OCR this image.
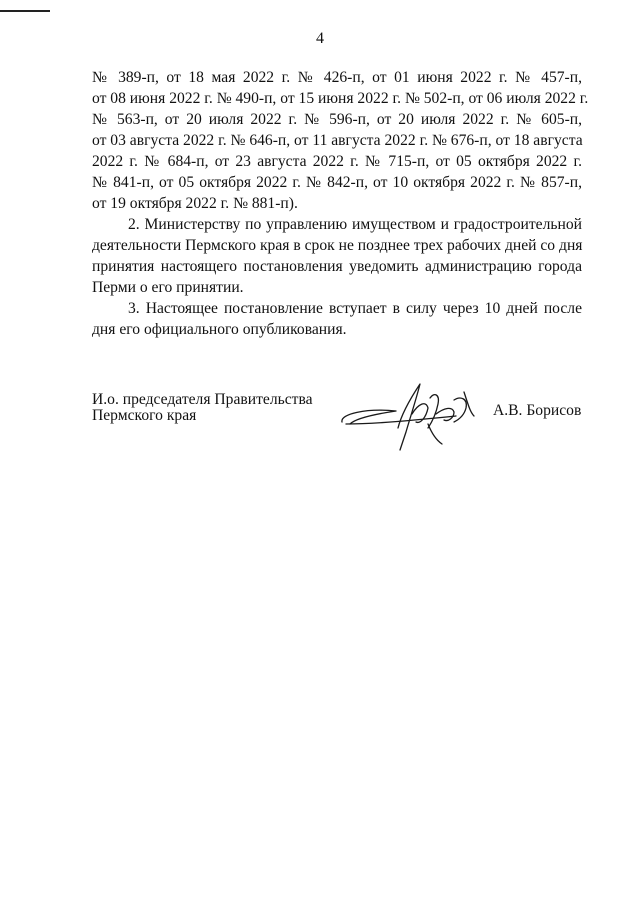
4
№ 389-п, от 18 мая 2022 г. № 426-п, от 01 июня 2022 г. № 457-п,
от 08 июня 2022 г. № 490-п, от 15 июня 2022 г. № 502-п, от 06 июля 2022 г.
№ 563-п, от 20 июля 2022 г. № 596-п, от 20 июля 2022 г. № 605-п,
от 03 августа 2022 г. № 646-п, от 11 августа 2022 г. № 676-п, от 18 августа
2022 г. № 684-п, от 23 августа 2022 г. № 715-п, от 05 октября 2022 г.
№ 841-п, от 05 октября 2022 г. № 842-п, от 10 октября 2022 г. № 857-п,
от 19 октября 2022 г. № 881-п).
2. Министерству по управлению имуществом и градостроительной
деятельности Пермского края в срок не позднее трех рабочих дней со дня
принятия настоящего постановления уведомить администрацию города
Перми о его принятии.
3. Настоящее постановление вступает в силу через 10 дней после
дня его официального опубликования.
И.о. председателя Правительства
Пермского края	А.В. Борисов
